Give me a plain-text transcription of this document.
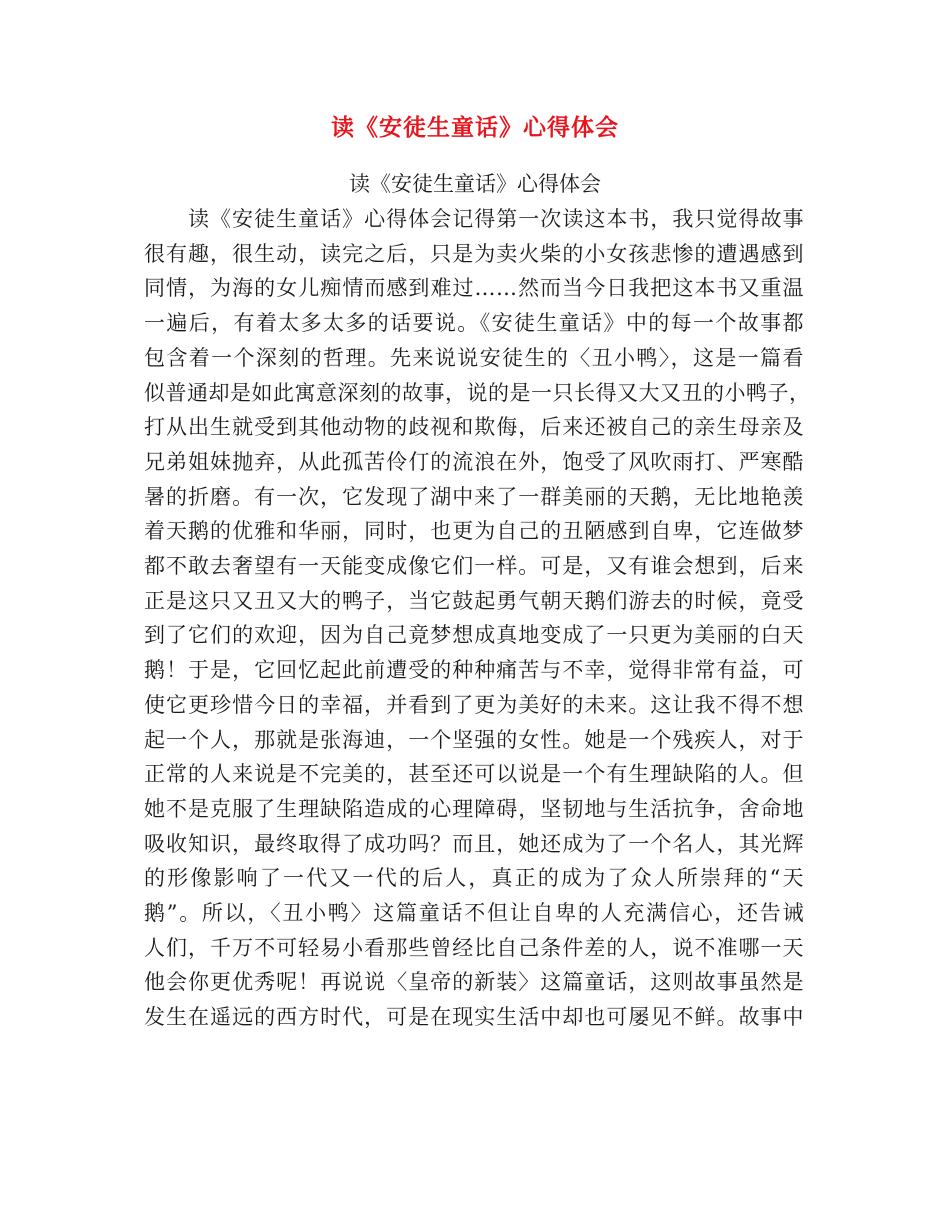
读《安徒生童话》心得体会
读《安徒生童话》心得体会
读《安徒生童话》心得体会记得第一次读这本书，我只觉得故事
很有趣，很生动，读完之后，只是为卖火柴的小女孩悲惨的遭遇感到
同情，为海的女儿痴情而感到难过……然而当今日我把这本书又重温
一遍后，有着太多太多的话要说。《安徒生童话》中的每一个故事都
包含着一个深刻的哲理。先来说说安徒生的〈丑小鸭〉，这是一篇看
似普通却是如此寓意深刻的故事，说的是一只长得又大又丑的小鸭子，
打从出生就受到其他动物的歧视和欺侮，后来还被自己的亲生母亲及
兄弟姐妹抛弃，从此孤苦伶仃的流浪在外，饱受了风吹雨打、严寒酷
暑的折磨。有一次，它发现了湖中来了一群美丽的天鹅，无比地艳羡
着天鹅的优雅和华丽，同时，也更为自己的丑陋感到自卑，它连做梦
都不敢去奢望有一天能变成像它们一样。可是，又有谁会想到，后来
正是这只又丑又大的鸭子，当它鼓起勇气朝天鹅们游去的时候，竟受
到了它们的欢迎，因为自己竟梦想成真地变成了一只更为美丽的白天
鹅！于是，它回忆起此前遭受的种种痛苦与不幸，觉得非常有益，可
使它更珍惜今日的幸福，并看到了更为美好的未来。这让我不得不想
起一个人，那就是张海迪，一个坚强的女性。她是一个残疾人，对于
正常的人来说是不完美的，甚至还可以说是一个有生理缺陷的人。但
她不是克服了生理缺陷造成的心理障碍，坚韧地与生活抗争，舍命地
吸收知识，最终取得了成功吗？而且，她还成为了一个名人，其光辉
的形像影响了一代又一代的后人，真正的成为了众人所崇拜的“天
鹅”。所以，〈丑小鸭〉这篇童话不但让自卑的人充满信心，还告诫
人们，千万不可轻易小看那些曾经比自己条件差的人，说不准哪一天
他会你更优秀呢！再说说〈皇帝的新装〉这篇童话，这则故事虽然是
发生在遥远的西方时代，可是在现实生活中却也可屡见不鲜。故事中
